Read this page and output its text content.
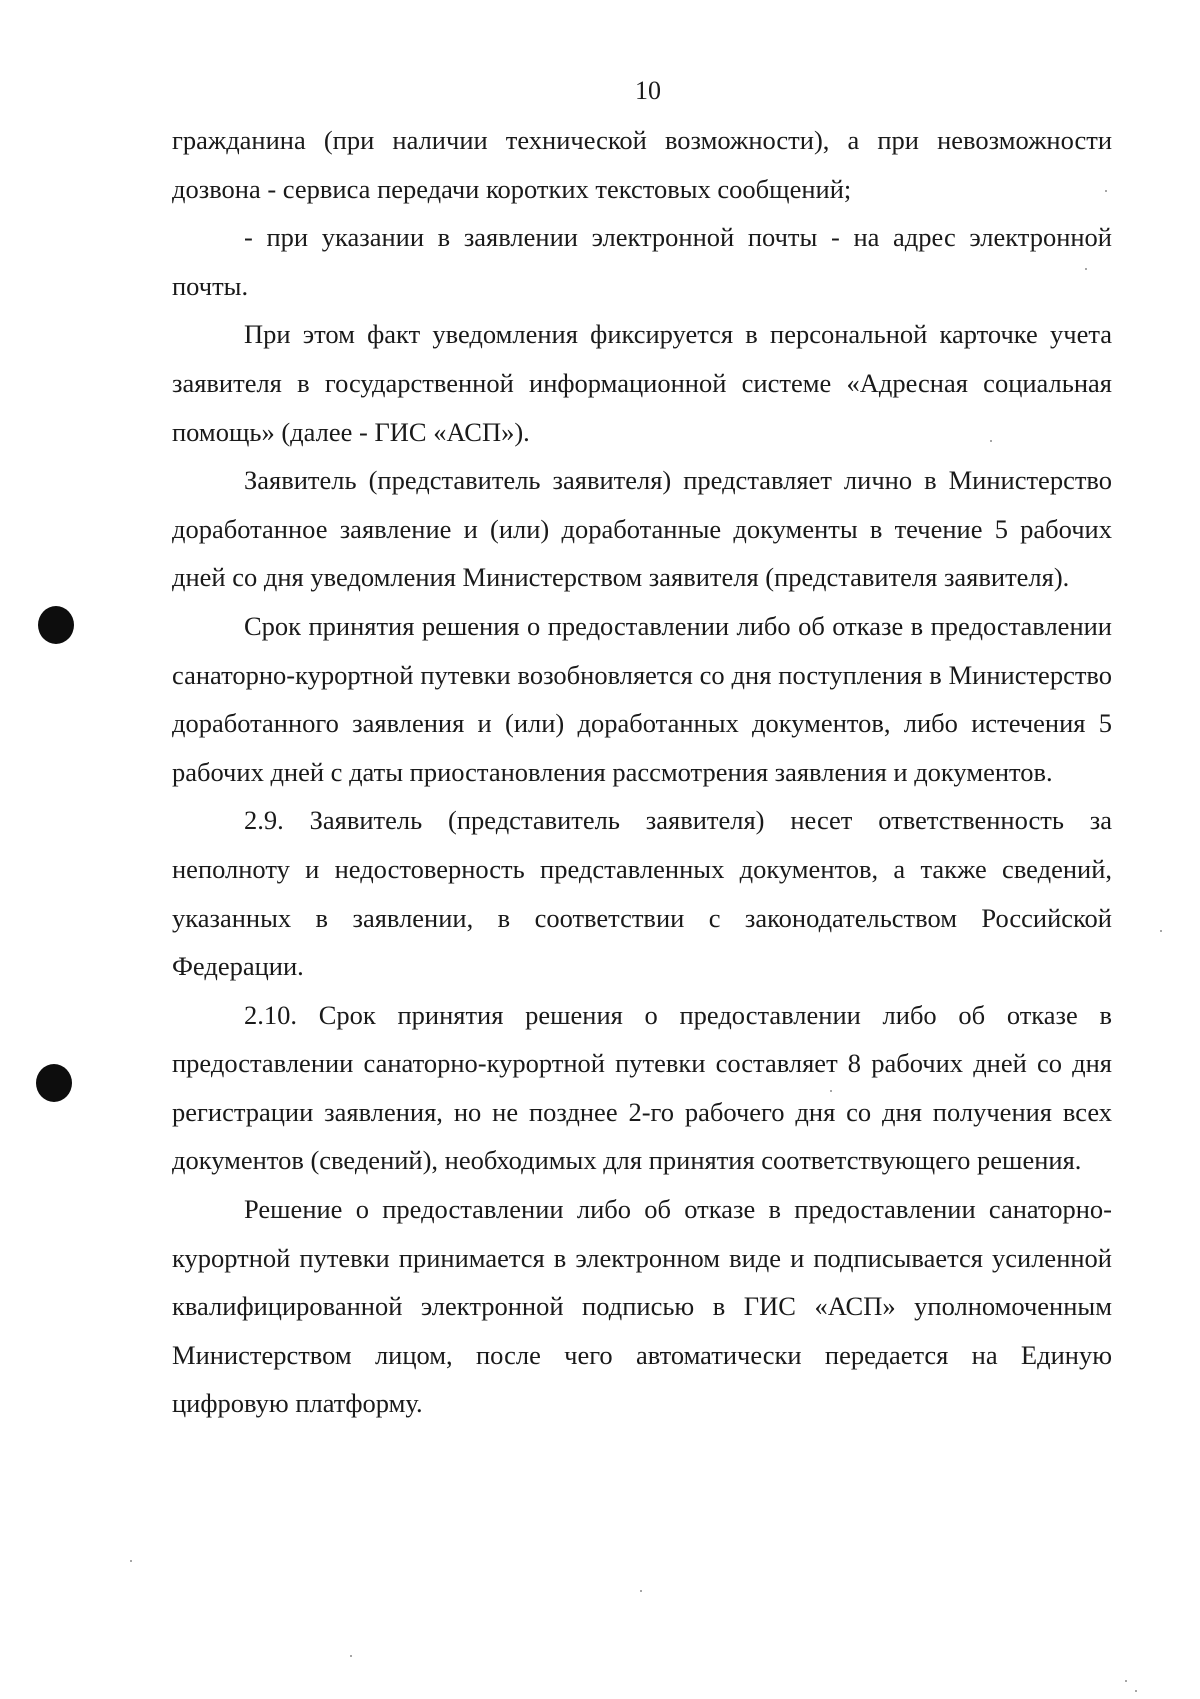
10

гражданина (при наличии технической возможности), а при невозможности дозвона - сервиса передачи коротких текстовых сообщений;

- при указании в заявлении электронной почты - на адрес электронной почты.

При этом факт уведомления фиксируется в персональной карточке учета заявителя в государственной информационной системе «Адресная социальная помощь» (далее - ГИС «АСП»).

Заявитель (представитель заявителя) представляет лично в Министерство доработанное заявление и (или) доработанные документы в течение 5 рабочих дней со дня уведомления Министерством заявителя (представителя заявителя).

Срок принятия решения о предоставлении либо об отказе в предоставлении санаторно-курортной путевки возобновляется со дня поступления в Министерство доработанного заявления и (или) доработанных документов, либо истечения 5 рабочих дней с даты приостановления рассмотрения заявления и документов.

2.9. Заявитель (представитель заявителя) несет ответственность за неполноту и недостоверность представленных документов, а также сведений, указанных в заявлении, в соответствии с законодательством Российской Федерации.

2.10. Срок принятия решения о предоставлении либо об отказе в предоставлении санаторно-курортной путевки составляет 8 рабочих дней со дня регистрации заявления, но не позднее 2-го рабочего дня со дня получения всех документов (сведений), необходимых для принятия соответствующего решения.

Решение о предоставлении либо об отказе в предоставлении санаторно-курортной путевки принимается в электронном виде и подписывается усиленной квалифицированной электронной подписью в ГИС «АСП» уполномоченным Министерством лицом, после чего автоматически передается на Единую цифровую платформу.
